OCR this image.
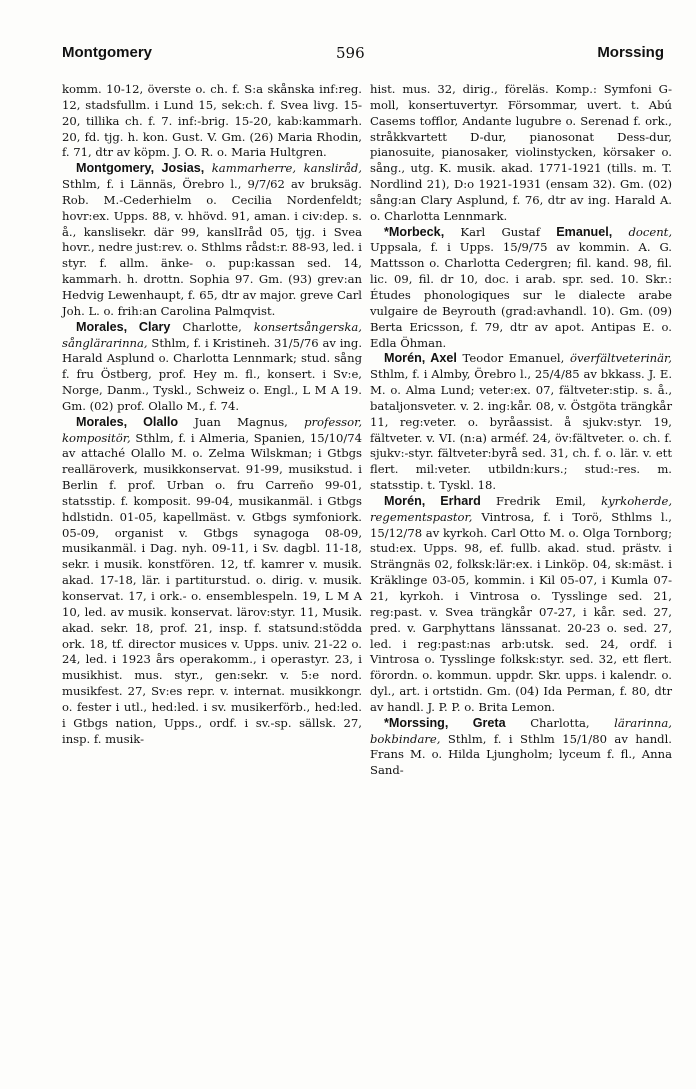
Montgomery	596	Morssing

komm. 10-12, överste o. ch. f. S:a skånska inf:reg. 12, stadsfullm. i Lund 15, sek:ch. f. Svea livg. 15-20, tillika ch. f. 7. inf:-brig. 15-20, kab:kammarh. 20, fd. tjg. h. kon. Gust. V. Gm. (26) Maria Rhodin, f. 71, dtr av köpm. J. O. R. o. Maria Hultgren.

Montgomery, Josias, kammarherre, kansliråd, Sthlm, f. i Lännäs, Örebro l., 9/7/62 av bruksäg. Rob. M.-Cederhielm o. Cecilia Nordenfeldt; hovr:ex. Upps. 88, v. hhövd. 91, aman. i civ:dep. s. å., kanslisekr. där 99, kanslIråd 05, tjg. i Svea hovr., nedre just:rev. o. Sthlms rådst:r. 88-93, led. i styr. f. allm. änke- o. pup:kassan sed. 14, kammarh. h. drottn. Sophia 97. Gm. (93) grev:an Hedvig Lewenhaupt, f. 65, dtr av major. greve Carl Joh. L. o. frih:an Carolina Palmqvist.

Morales, Clary Charlotte, konsertsångerska, sånglärarinna, Sthlm, f. i Kristineh. 31/5/76 av ing. Harald Asplund o. Charlotta Lennmark; stud. sång f. fru Östberg, prof. Hey m. fl., konsert. i Sv:e, Norge, Danm., Tyskl., Schweiz o. Engl., L M A 19. Gm. (02) prof. Olallo M., f. 74.

Morales, Olallo Juan Magnus, professor, kompositör, Sthlm, f. i Almeria, Spanien, 15/10/74 av attaché Olallo M. o. Zelma Wilskman; i Gtbgs realläroverk, musikkonservat. 91-99, musikstud. i Berlin f. prof. Urban o. fru Carreño 99-01, statsstip. f. komposit. 99-04, musikanmäl. i Gtbgs hdlstidn. 01-05, kapellmäst. v. Gtbgs symfoniork. 05-09, organist v. Gtbgs synagoga 08-09, musikanmäl. i Dag. nyh. 09-11, i Sv. dagbl. 11-18, sekr. i musik. konstfören. 12, tf. kamrer v. musik. akad. 17-18, lär. i partiturstud. o. dirig. v. musik. konservat. 17, i ork.- o. ensemblespeln. 19, L M A 10, led. av musik. konservat. lärov:styr. 11, Musik. akad. sekr. 18, prof. 21, insp. f. statsund:stödda ork. 18, tf. director musices v. Upps. univ. 21-22 o. 24, led. i 1923 års operakomm., i operastyr. 23, i musikhist. mus. styr., gen:sekr. v. 5:e nord. musikfest. 27, Sv:es repr. v. internat. musikkongr. o. fester i utl., hed:led. i sv. musikerförb., hed:led. i Gtbgs nation, Upps., ordf. i sv.-sp. sällsk. 27, insp. f. musik-

hist. mus. 32, dirig., föreläs. Komp.: Symfoni G-moll, konsertuvertyr. Försommar, uvert. t. Abú Casems tofflor, Andante lugubre o. Serenad f. ork., stråkkvartett D-dur, pianosonat Dess-dur, pianosuite, pianosaker, violinstycken, körsaker o. sång., utg. K. musik. akad. 1771-1921 (tills. m. T. Nordlind 21), D:o 1921-1931 (ensam 32). Gm. (02) sång:an Clary Asplund, f. 76, dtr av ing. Harald A. o. Charlotta Lennmark.

*Morbeck, Karl Gustaf Emanuel, docent, Uppsala, f. i Upps. 15/9/75 av kommin. A. G. Mattsson o. Charlotta Cedergren; fil. kand. 98, fil. lic. 09, fil. dr 10, doc. i arab. spr. sed. 10. Skr.: Études phonologiques sur le dialecte arabe vulgaire de Beyrouth (grad:avhandl. 10). Gm. (09) Berta Ericsson, f. 79, dtr av apot. Antipas E. o. Edla Öhman.

Morén, Axel Teodor Emanuel, överfältveterinär, Sthlm, f. i Almby, Örebro l., 25/4/85 av bkkass. J. E. M. o. Alma Lund; veter:ex. 07, fältveter:stip. s. å., bataljonsveter. v. 2. ing:kår. 08, v. Östgöta trängkår 11, reg:veter. o. byråassist. å sjukv:styr. 19, fältveter. v. VI. (n:a) arméf. 24, öv:fältveter. o. ch. f. sjukv:-styr. fältveter:byrå sed. 31, ch. f. o. lär. v. ett flert. mil:veter. utbildn:kurs.; stud:-res. m. statsstip. t. Tyskl. 18.

Morén, Erhard Fredrik Emil, kyrkoherde, regementspastor, Vintrosa, f. i Torö, Sthlms l., 15/12/78 av kyrkoh. Carl Otto M. o. Olga Tornborg; stud:ex. Upps. 98, ef. fullb. akad. stud. prästv. i Strängnäs 02, folksk:lär:ex. i Linköp. 04, sk:mäst. i Kräklinge 03-05, kommin. i Kil 05-07, i Kumla 07-21, kyrkoh. i Vintrosa o. Tysslinge sed. 21, reg:past. v. Svea trängkår 07-27, i kår. sed. 27, pred. v. Garphyttans länssanat. 20-23 o. sed. 27, led. i reg:past:nas arb:utsk. sed. 24, ordf. i Vintrosa o. Tysslinge folksk:styr. sed. 32, ett flert. förordn. o. kommun. uppdr. Skr. upps. i kalendr. o. dyl., art. i ortstidn. Gm. (04) Ida Perman, f. 80, dtr av handl. J. P. P. o. Brita Lemon.

*Morssing, Greta Charlotta, lärarinna, bokbindare, Sthlm, f. i Sthlm 15/1/80 av handl. Frans M. o. Hilda Ljungholm; lyceum f. fl., Anna Sand-
